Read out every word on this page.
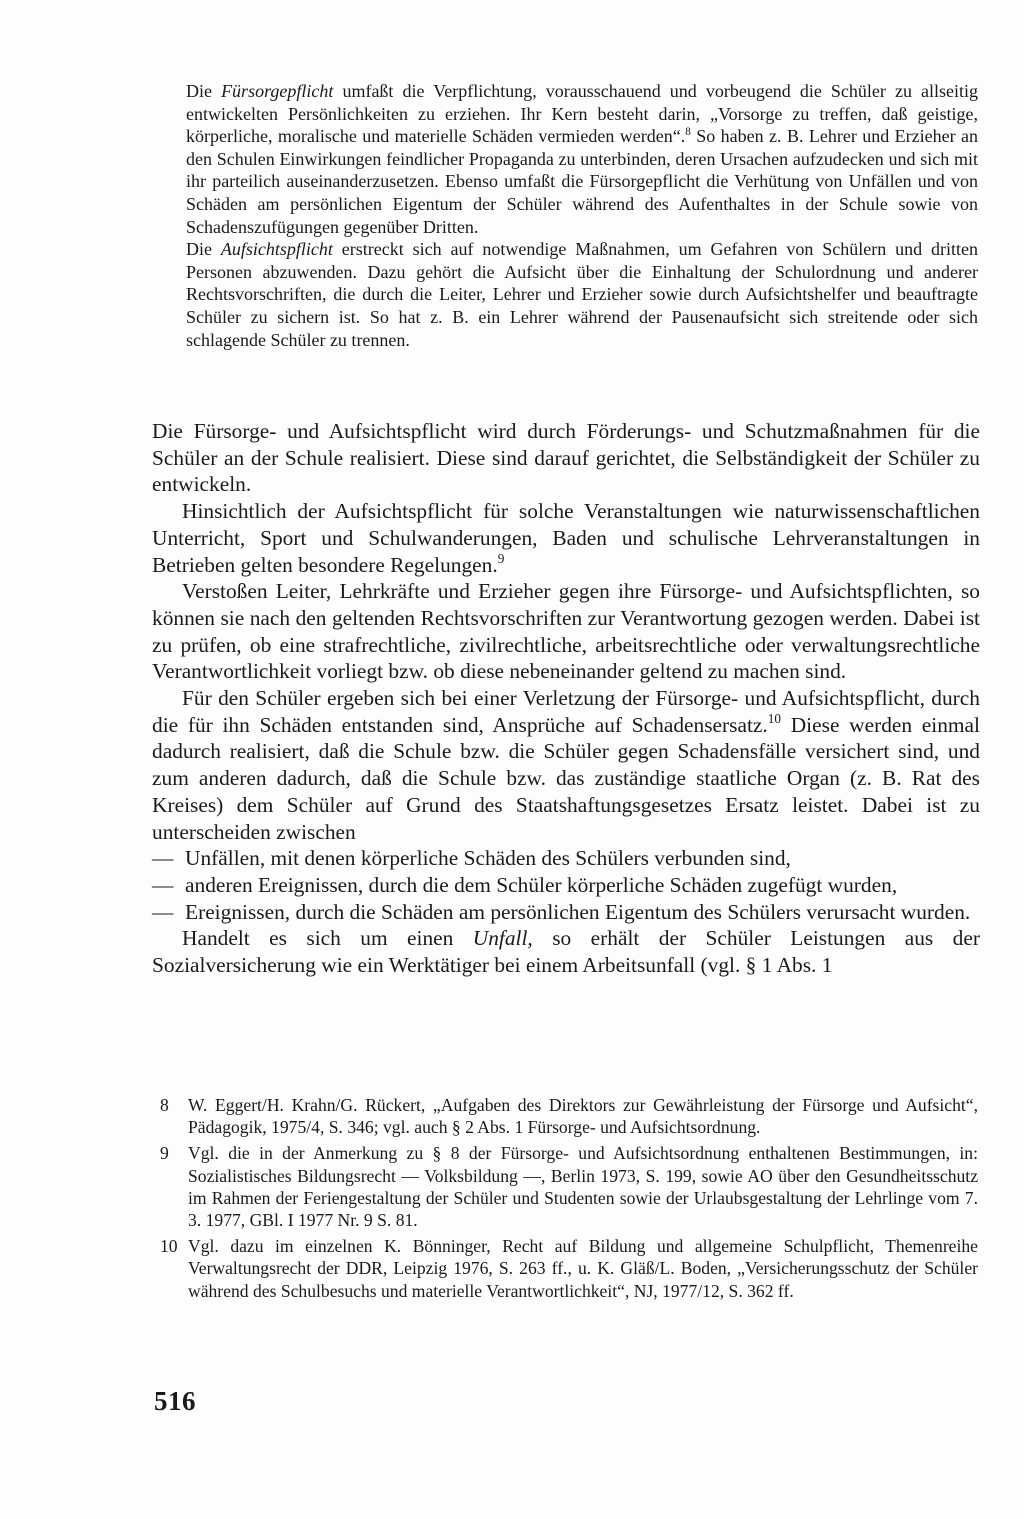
Die Fürsorgepflicht umfaßt die Verpflichtung, vorausschauend und vorbeugend die Schüler zu allseitig entwickelten Persönlichkeiten zu erziehen. Ihr Kern besteht darin, „Vorsorge zu treffen, daß geistige, körperliche, moralische und materielle Schäden vermieden werden“.$^8$ So haben z. B. Lehrer und Erzieher an den Schulen Einwirkungen feindlicher Propaganda zu unterbinden, deren Ursachen aufzudecken und sich mit ihr parteilich auseinanderzusetzen. Ebenso umfaßt die Fürsorgepflicht die Verhütung von Unfällen und von Schäden am persönlichen Eigentum der Schüler während des Aufenthaltes in der Schule sowie von Schadenszufügungen gegenüber Dritten.

Die Aufsichtspflicht erstreckt sich auf notwendige Maßnahmen, um Gefahren von Schülern und dritten Personen abzuwenden. Dazu gehört die Aufsicht über die Einhaltung der Schulordnung und anderer Rechtsvorschriften, die durch die Leiter, Lehrer und Erzieher sowie durch Aufsichtshelfer und beauftragte Schüler zu sichern ist. So hat z. B. ein Lehrer während der Pausenaufsicht sich streitende oder sich schlagende Schüler zu trennen.

Die Fürsorge- und Aufsichtspflicht wird durch Förderungs- und Schutzmaßnahmen für die Schüler an der Schule realisiert. Diese sind darauf gerichtet, die Selbständigkeit der Schüler zu entwickeln.

Hinsichtlich der Aufsichtspflicht für solche Veranstaltungen wie naturwissenschaftlichen Unterricht, Sport und Schulwanderungen, Baden und schulische Lehrveranstaltungen in Betrieben gelten besondere Regelungen.$^9$

Verstoßen Leiter, Lehrkräfte und Erzieher gegen ihre Fürsorge- und Aufsichtspflichten, so können sie nach den geltenden Rechtsvorschriften zur Verantwortung gezogen werden. Dabei ist zu prüfen, ob eine strafrechtliche, zivilrechtliche, arbeitsrechtliche oder verwaltungsrechtliche Verantwortlichkeit vorliegt bzw. ob diese nebeneinander geltend zu machen sind.

Für den Schüler ergeben sich bei einer Verletzung der Fürsorge- und Aufsichtspflicht, durch die für ihn Schäden entstanden sind, Ansprüche auf Schadensersatz.$^{10}$ Diese werden einmal dadurch realisiert, daß die Schule bzw. die Schüler gegen Schadensfälle versichert sind, und zum anderen dadurch, daß die Schule bzw. das zuständige staatliche Organ (z. B. Rat des Kreises) dem Schüler auf Grund des Staatshaftungsgesetzes Ersatz leistet. Dabei ist zu unterscheiden zwischen

— Unfällen, mit denen körperliche Schäden des Schülers verbunden sind,
— anderen Ereignissen, durch die dem Schüler körperliche Schäden zugefügt wurden,
— Ereignissen, durch die Schäden am persönlichen Eigentum des Schülers verursacht wurden.

Handelt es sich um einen Unfall, so erhält der Schüler Leistungen aus der Sozialversicherung wie ein Werktätiger bei einem Arbeitsunfall (vgl. § 1 Abs. 1

8 W. Eggert/H. Krahn/G. Rückert, „Aufgaben des Direktors zur Gewährleistung der Fürsorge und Aufsicht“, Pädagogik, 1975/4, S. 346; vgl. auch § 2 Abs. 1 Fürsorge- und Aufsichtsordnung.
9 Vgl. die in der Anmerkung zu § 8 der Fürsorge- und Aufsichtsordnung enthaltenen Bestimmungen, in: Sozialistisches Bildungsrecht — Volksbildung —, Berlin 1973, S. 199, sowie AO über den Gesundheitsschutz im Rahmen der Feriengestaltung der Schüler und Studenten sowie der Urlaubsgestaltung der Lehrlinge vom 7. 3. 1977, GBl. I 1977 Nr. 9 S. 81.
10 Vgl. dazu im einzelnen K. Bönninger, Recht auf Bildung und allgemeine Schulpflicht, Themenreihe Verwaltungsrecht der DDR, Leipzig 1976, S. 263 ff., u. K. Gläß/L. Boden, „Versicherungsschutz der Schüler während des Schulbesuchs und materielle Verantwortlichkeit“, NJ, 1977/12, S. 362 ff.
516
